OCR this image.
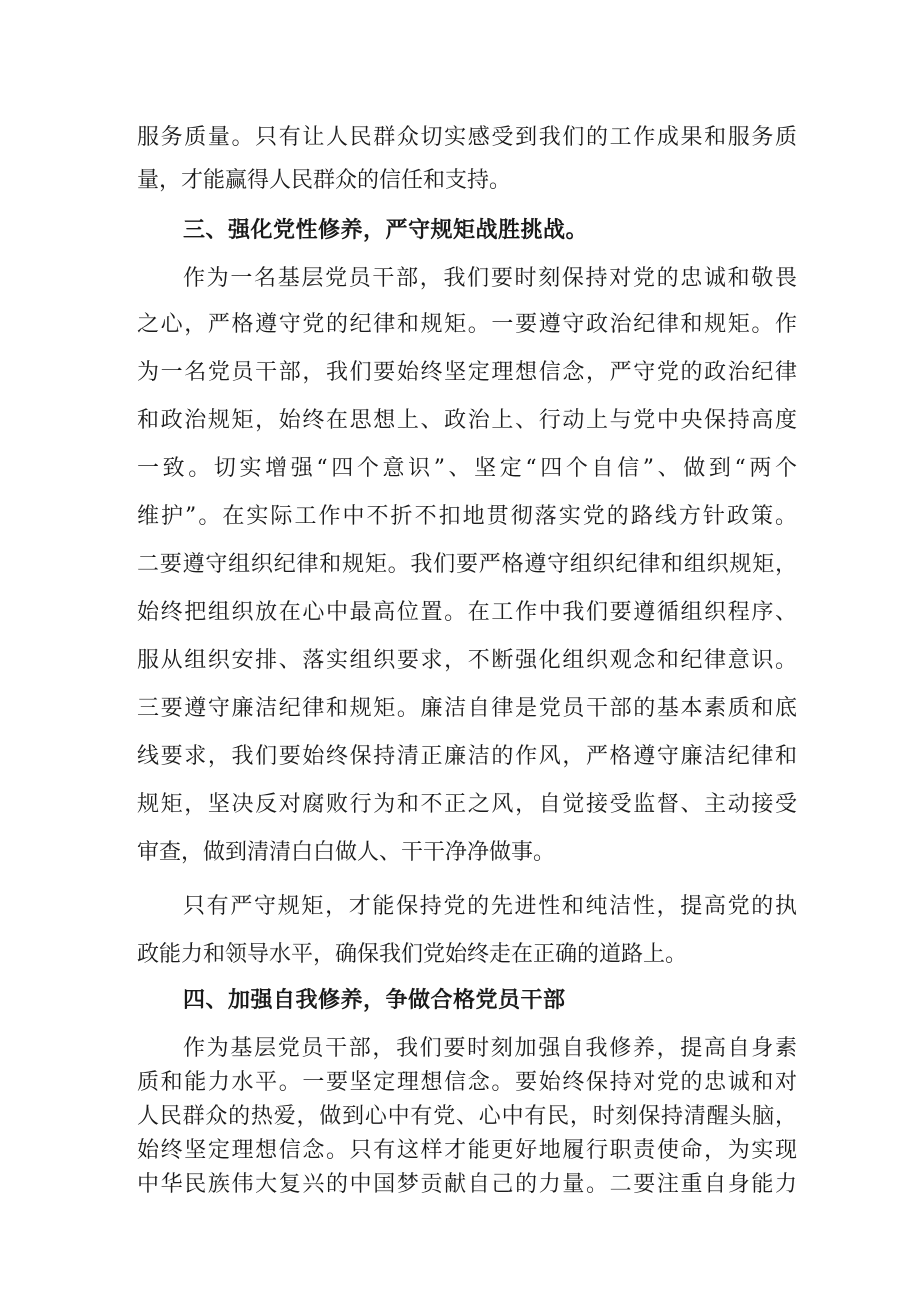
服务质量。只有让人民群众切实感受到我们的工作成果和服务质
量，才能赢得人民群众的信任和支持。
三、强化党性修养，严守规矩战胜挑战。
作为一名基层党员干部，我们要时刻保持对党的忠诚和敬畏
之心，严格遵守党的纪律和规矩。一要遵守政治纪律和规矩。作
为一名党员干部，我们要始终坚定理想信念，严守党的政治纪律
和政治规矩，始终在思想上、政治上、行动上与党中央保持高度
一致。切实增强“四个意识”、坚定“四个自信”、做到“两个
维护”。在实际工作中不折不扣地贯彻落实党的路线方针政策。
二要遵守组织纪律和规矩。我们要严格遵守组织纪律和组织规矩，
始终把组织放在心中最高位置。在工作中我们要遵循组织程序、
服从组织安排、落实组织要求，不断强化组织观念和纪律意识。
三要遵守廉洁纪律和规矩。廉洁自律是党员干部的基本素质和底
线要求，我们要始终保持清正廉洁的作风，严格遵守廉洁纪律和
规矩，坚决反对腐败行为和不正之风，自觉接受监督、主动接受
审查，做到清清白白做人、干干净净做事。
只有严守规矩，才能保持党的先进性和纯洁性，提高党的执
政能力和领导水平，确保我们党始终走在正确的道路上。
四、加强自我修养，争做合格党员干部
作为基层党员干部，我们要时刻加强自我修养，提高自身素
质和能力水平。一要坚定理想信念。要始终保持对党的忠诚和对
人民群众的热爱，做到心中有党、心中有民，时刻保持清醒头脑，
始终坚定理想信念。只有这样才能更好地履行职责使命，为实现
中华民族伟大复兴的中国梦贡献自己的力量。二要注重自身能力
